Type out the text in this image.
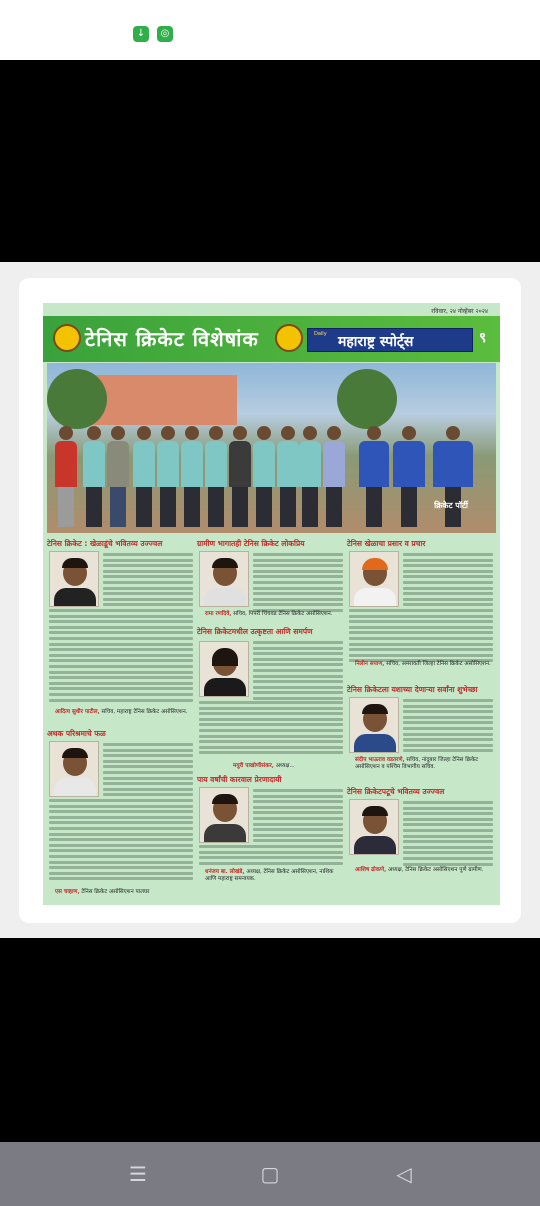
↓	◎
रविवार, २४ नोव्हेंबर २०२४
टेनिस क्रिकेट विशेषांक	Daily महाराष्ट्र स्पोर्ट्स	९
क्रिकेट पॉर्टी
टेनिस क्रिकेट : खेळाडूंचे भवितव्य उज्ज्वल
आदित्य सुधीर पाटील, सचिव, महाराष्ट्र टेनिस क्रिकेट असोसिएशन.
अथक परिश्रमाचे फळ
एस चव्हाण, टेनिस क्रिकेट असोसिएशन पालघर
ग्रामीण भागातही टेनिस क्रिकेट लोकप्रिय
रामा रणदिवे, सचिव, पिंपरी चिंचवड टेनिस क्रिकेट असोसिएशन.
टेनिस क्रिकेटमधील उत्कृष्टता आणि समर्पण
मयुरी पाखोणीसंकर, अध्यक्ष...
पाय वर्षांची कारवाल प्रेरणादायी
धनंजय बा. लोखंडे, अध्यक्ष, टेनिस क्रिकेट असोसिएशन, नाशिक आणि महाराष्ट्र समन्वयक.
टेनिस खेळाचा प्रसार व प्रचार
निलीन सपाण, सचिव, अमरावती जिल्हा टेनिस क्रिकेट असोसिएशन.
टेनिस क्रिकेटला यशाच्या देणाऱ्या सर्वांना शुभेच्छा
संदीप भाऊराव वडतरणे, सचिव, नांदुबार जिल्हा टेनिस क्रिकेट असोसिएशन व पश्चिम विभागीय सचिव.
टेनिस क्रिकेटपटूचे भवितव्य उज्ज्वल
आशिष ढोकणे, अध्यक्ष, टेनिस क्रिकेट असोसिएशन पुणे ग्रामीण.
☰	▢	◁
